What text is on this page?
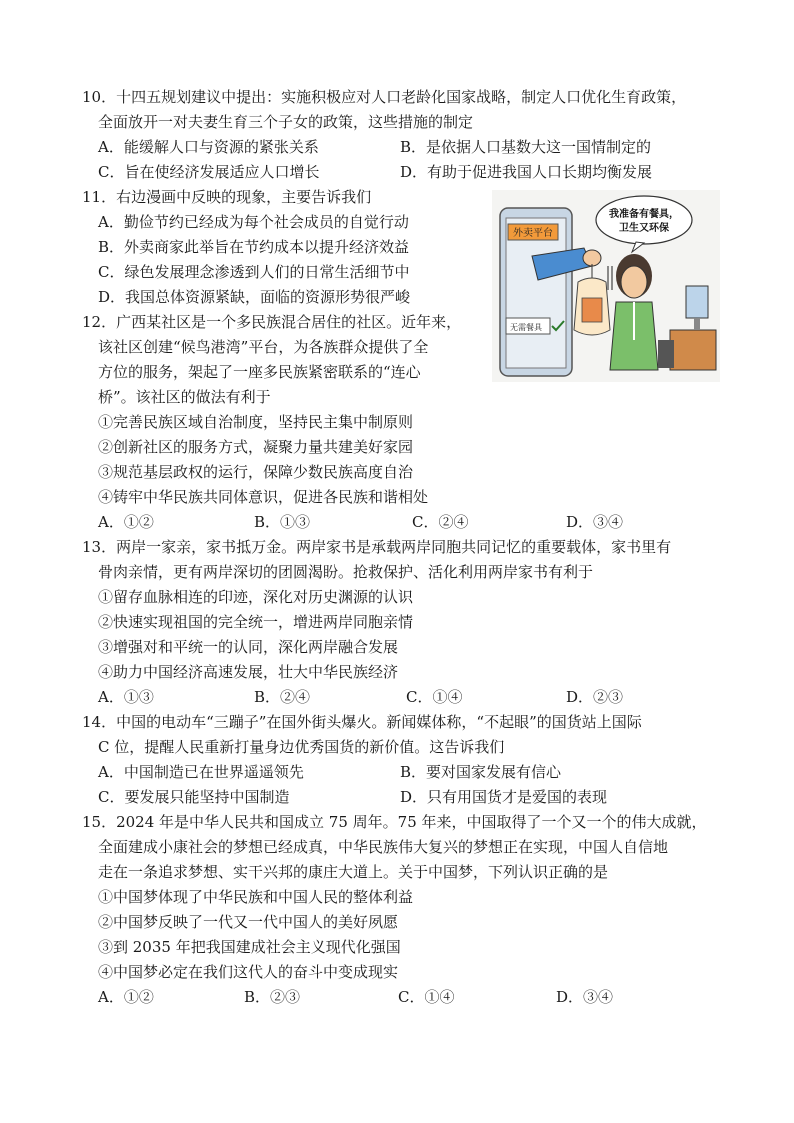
10．十四五规划建议中提出：实施积极应对人口老龄化国家战略，制定人口优化生育政策，
全面放开一对夫妻生育三个子女的政策，这些措施的制定
A．能缓解人口与资源的紧张关系	B．是依据人口基数大这一国情制定的
C．旨在使经济发展适应人口增长	D．有助于促进我国人口长期均衡发展
11．右边漫画中反映的现象，主要告诉我们
A．勤俭节约已经成为每个社会成员的自觉行动
B．外卖商家此举旨在节约成本以提升经济效益
C．绿色发展理念渗透到人们的日常生活细节中
D．我国总体资源紧缺，面临的资源形势很严峻
外卖平台
无需餐具
我准备有餐具，
卫生又环保
12．广西某社区是一个多民族混合居住的社区。近年来，
该社区创建“候鸟港湾”平台，为各族群众提供了全
方位的服务，架起了一座多民族紧密联系的“连心
桥”。该社区的做法有利于
①完善民族区域自治制度，坚持民主集中制原则
②创新社区的服务方式，凝聚力量共建美好家园
③规范基层政权的运行，保障少数民族高度自治
④铸牢中华民族共同体意识，促进各民族和谐相处
A．①②	B．①③	C．②④	D．③④
13．两岸一家亲，家书抵万金。两岸家书是承载两岸同胞共同记忆的重要载体，家书里有
骨肉亲情，更有两岸深切的团圆渴盼。抢救保护、活化利用两岸家书有利于
①留存血脉相连的印迹，深化对历史渊源的认识
②快速实现祖国的完全统一，增进两岸同胞亲情
③增强对和平统一的认同，深化两岸融合发展
④助力中国经济高速发展，壮大中华民族经济
A．①③	B．②④	C．①④	D．②③
14．中国的电动车“三蹦子”在国外街头爆火。新闻媒体称，“不起眼”的国货站上国际
C 位，提醒人民重新打量身边优秀国货的新价值。这告诉我们
A．中国制造已在世界遥遥领先	B．要对国家发展有信心
C．要发展只能坚持中国制造	D．只有用国货才是爱国的表现
15．2024 年是中华人民共和国成立 75 周年。75 年来，中国取得了一个又一个的伟大成就，
全面建成小康社会的梦想已经成真，中华民族伟大复兴的梦想正在实现，中国人自信地
走在一条追求梦想、实干兴邦的康庄大道上。关于中国梦，下列认识正确的是
①中国梦体现了中华民族和中国人民的整体利益
②中国梦反映了一代又一代中国人的美好夙愿
③到 2035 年把我国建成社会主义现代化强国
④中国梦必定在我们这代人的奋斗中变成现实
A．①②	B．②③	C．①④	D．③④
